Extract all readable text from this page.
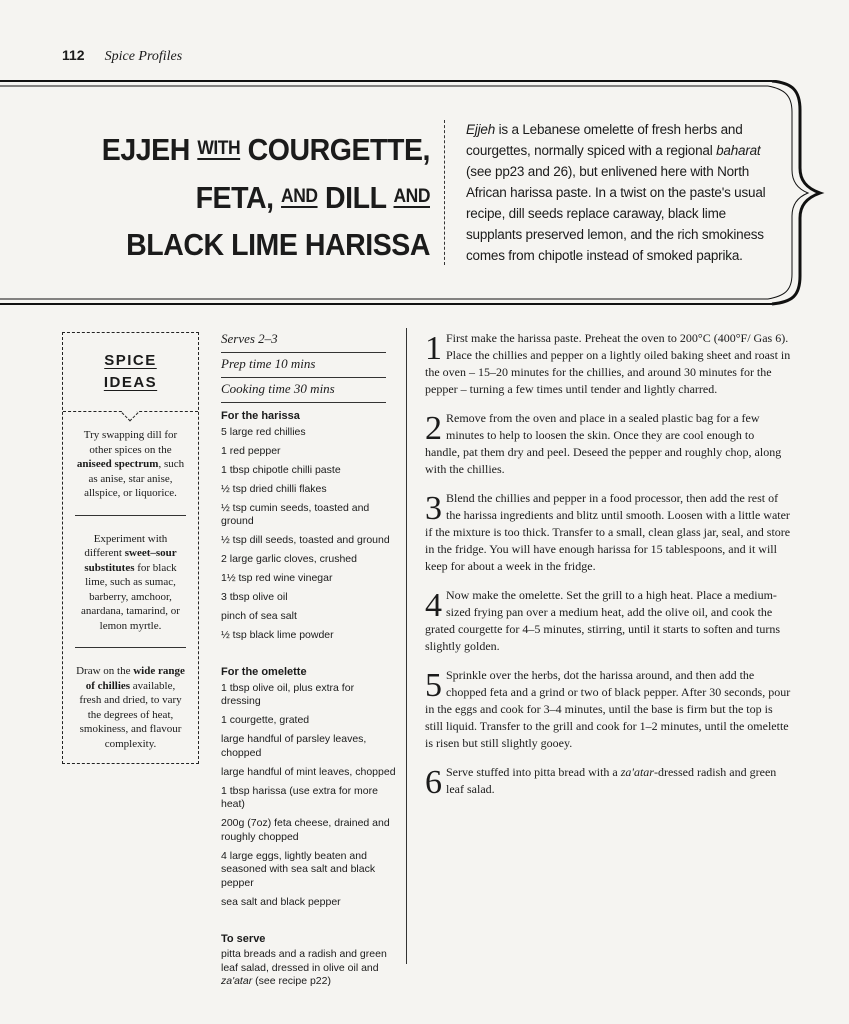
112 Spice Profiles
EJJEH WITH COURGETTE,
FETA, AND DILL AND
BLACK LIME HARISSA
Ejjeh is a Lebanese omelette of fresh herbs and courgettes, normally spiced with a regional baharat (see pp23 and 26), but enlivened here with North African harissa paste. In a twist on the paste's usual recipe, dill seeds replace caraway, black lime supplants preserved lemon, and the rich smokiness comes from chipotle instead of smoked paprika.
SPICE
IDEAS
Try swapping dill for other spices on the aniseed spectrum, such as anise, star anise, allspice, or liquorice.
Experiment with different sweet–sour substitutes for black lime, such as sumac, barberry, amchoor, anardana, tamarind, or lemon myrtle.
Draw on the wide range of chillies available, fresh and dried, to vary the degrees of heat, smokiness, and flavour complexity.
Serves 2–3
Prep time 10 mins
Cooking time 30 mins
For the harissa
5 large red chillies
1 red pepper
1 tbsp chipotle chilli paste
½ tsp dried chilli flakes
½ tsp cumin seeds, toasted and ground
½ tsp dill seeds, toasted and ground
2 large garlic cloves, crushed
1½ tsp red wine vinegar
3 tbsp olive oil
pinch of sea salt
½ tsp black lime powder
For the omelette
1 tbsp olive oil, plus extra for dressing
1 courgette, grated
large handful of parsley leaves, chopped
large handful of mint leaves, chopped
1 tbsp harissa (use extra for more heat)
200g (7oz) feta cheese, drained and roughly chopped
4 large eggs, lightly beaten and seasoned with sea salt and black pepper
sea salt and black pepper
To serve
pitta breads and a radish and green leaf salad, dressed in olive oil and za'atar (see recipe p22)
1 First make the harissa paste. Preheat the oven to 200°C (400°F/ Gas 6). Place the chillies and pepper on a lightly oiled baking sheet and roast in the oven – 15–20 minutes for the chillies, and around 30 minutes for the pepper – turning a few times until tender and lightly charred.
2 Remove from the oven and place in a sealed plastic bag for a few minutes to help to loosen the skin. Once they are cool enough to handle, pat them dry and peel. Deseed the pepper and roughly chop, along with the chillies.
3 Blend the chillies and pepper in a food processor, then add the rest of the harissa ingredients and blitz until smooth. Loosen with a little water if the mixture is too thick. Transfer to a small, clean glass jar, seal, and store in the fridge. You will have enough harissa for 15 tablespoons, and it will keep for about a week in the fridge.
4 Now make the omelette. Set the grill to a high heat. Place a medium-sized frying pan over a medium heat, add the olive oil, and cook the grated courgette for 4–5 minutes, stirring, until it starts to soften and turns slightly golden.
5 Sprinkle over the herbs, dot the harissa around, and then add the chopped feta and a grind or two of black pepper. After 30 seconds, pour in the eggs and cook for 3–4 minutes, until the base is firm but the top is still liquid. Transfer to the grill and cook for 1–2 minutes, until the omelette is risen but still slightly gooey.
6 Serve stuffed into pitta bread with a za'atar-dressed radish and green leaf salad.
